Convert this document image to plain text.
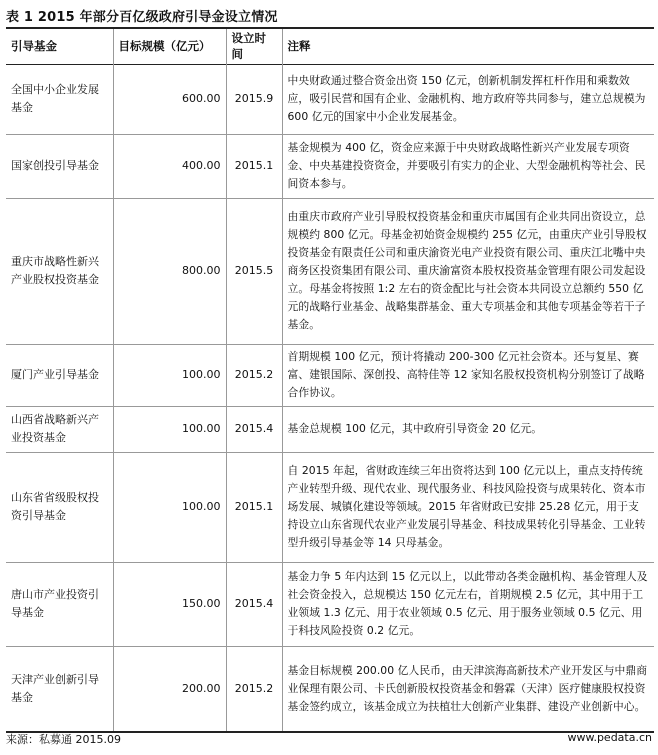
表 1 2015 年部分百亿级政府引导金设立情况
引导基金	目标规模（亿元）	设立时间	注释
全国中小企业发展基金	600.00	2015.9	中央财政通过整合资金出资 150 亿元，创新机制发挥杠杆作用和乘数效应，吸引民营和国有企业、金融机构、地方政府等共同参与，建立总规模为 600 亿元的国家中小企业发展基金。
国家创投引导基金	400.00	2015.1	基金规模为 400 亿，资金应来源于中央财政战略性新兴产业发展专项资金、中央基建投资资金，并要吸引有实力的企业、大型金融机构等社会、民间资本参与。
重庆市战略性新兴产业股权投资基金	800.00	2015.5	由重庆市政府产业引导股权投资基金和重庆市属国有企业共同出资设立，总规模约 800 亿元。母基金初始资金规模约 255 亿元，由重庆产业引导股权投资基金有限责任公司和重庆渝资光电产业投资有限公司、重庆江北嘴中央商务区投资集团有限公司、重庆渝富资本股权投资基金管理有限公司发起设立。母基金将按照 1:2 左右的资金配比与社会资本共同设立总额约 550 亿元的战略行业基金、战略集群基金、重大专项基金和其他专项基金等若干子基金。
厦门产业引导基金	100.00	2015.2	首期规模 100 亿元，预计将撬动 200-300 亿元社会资本。还与复星、赛富、建银国际、深创投、高特佳等 12 家知名股权投资机构分别签订了战略合作协议。
山西省战略新兴产业投资基金	100.00	2015.4	基金总规模 100 亿元，其中政府引导资金 20 亿元。
山东省省级股权投资引导基金	100.00	2015.1	自 2015 年起，省财政连续三年出资将达到 100 亿元以上，重点支持传统产业转型升级、现代农业、现代服务业、科技风险投资与成果转化、资本市场发展、城镇化建设等领域。2015 年省财政已安排 25.28 亿元，用于支持设立山东省现代农业产业发展引导基金、科技成果转化引导基金、工业转型升级引导基金等 14 只母基金。
唐山市产业投资引导基金	150.00	2015.4	基金力争 5 年内达到 15 亿元以上，以此带动各类金融机构、基金管理人及社会资金投入，总规模达 150 亿元左右，首期规模 2.5 亿元，其中用于工业领域 1.3 亿元、用于农业领域 0.5 亿元、用于服务业领域 0.5 亿元、用于科技风险投资 0.2 亿元。
天津产业创新引导基金	200.00	2015.2	基金目标规模 200.00 亿人民币，由天津滨海高新技术产业开发区与中鼎商业保理有限公司、卡氏创新股权投资基金和磐霖（天津）医疗健康股权投资基金签约成立，该基金成立为扶植壮大创新产业集群、建设产业创新中心。
来源：私募通 2015.09	www.pedata.cn
